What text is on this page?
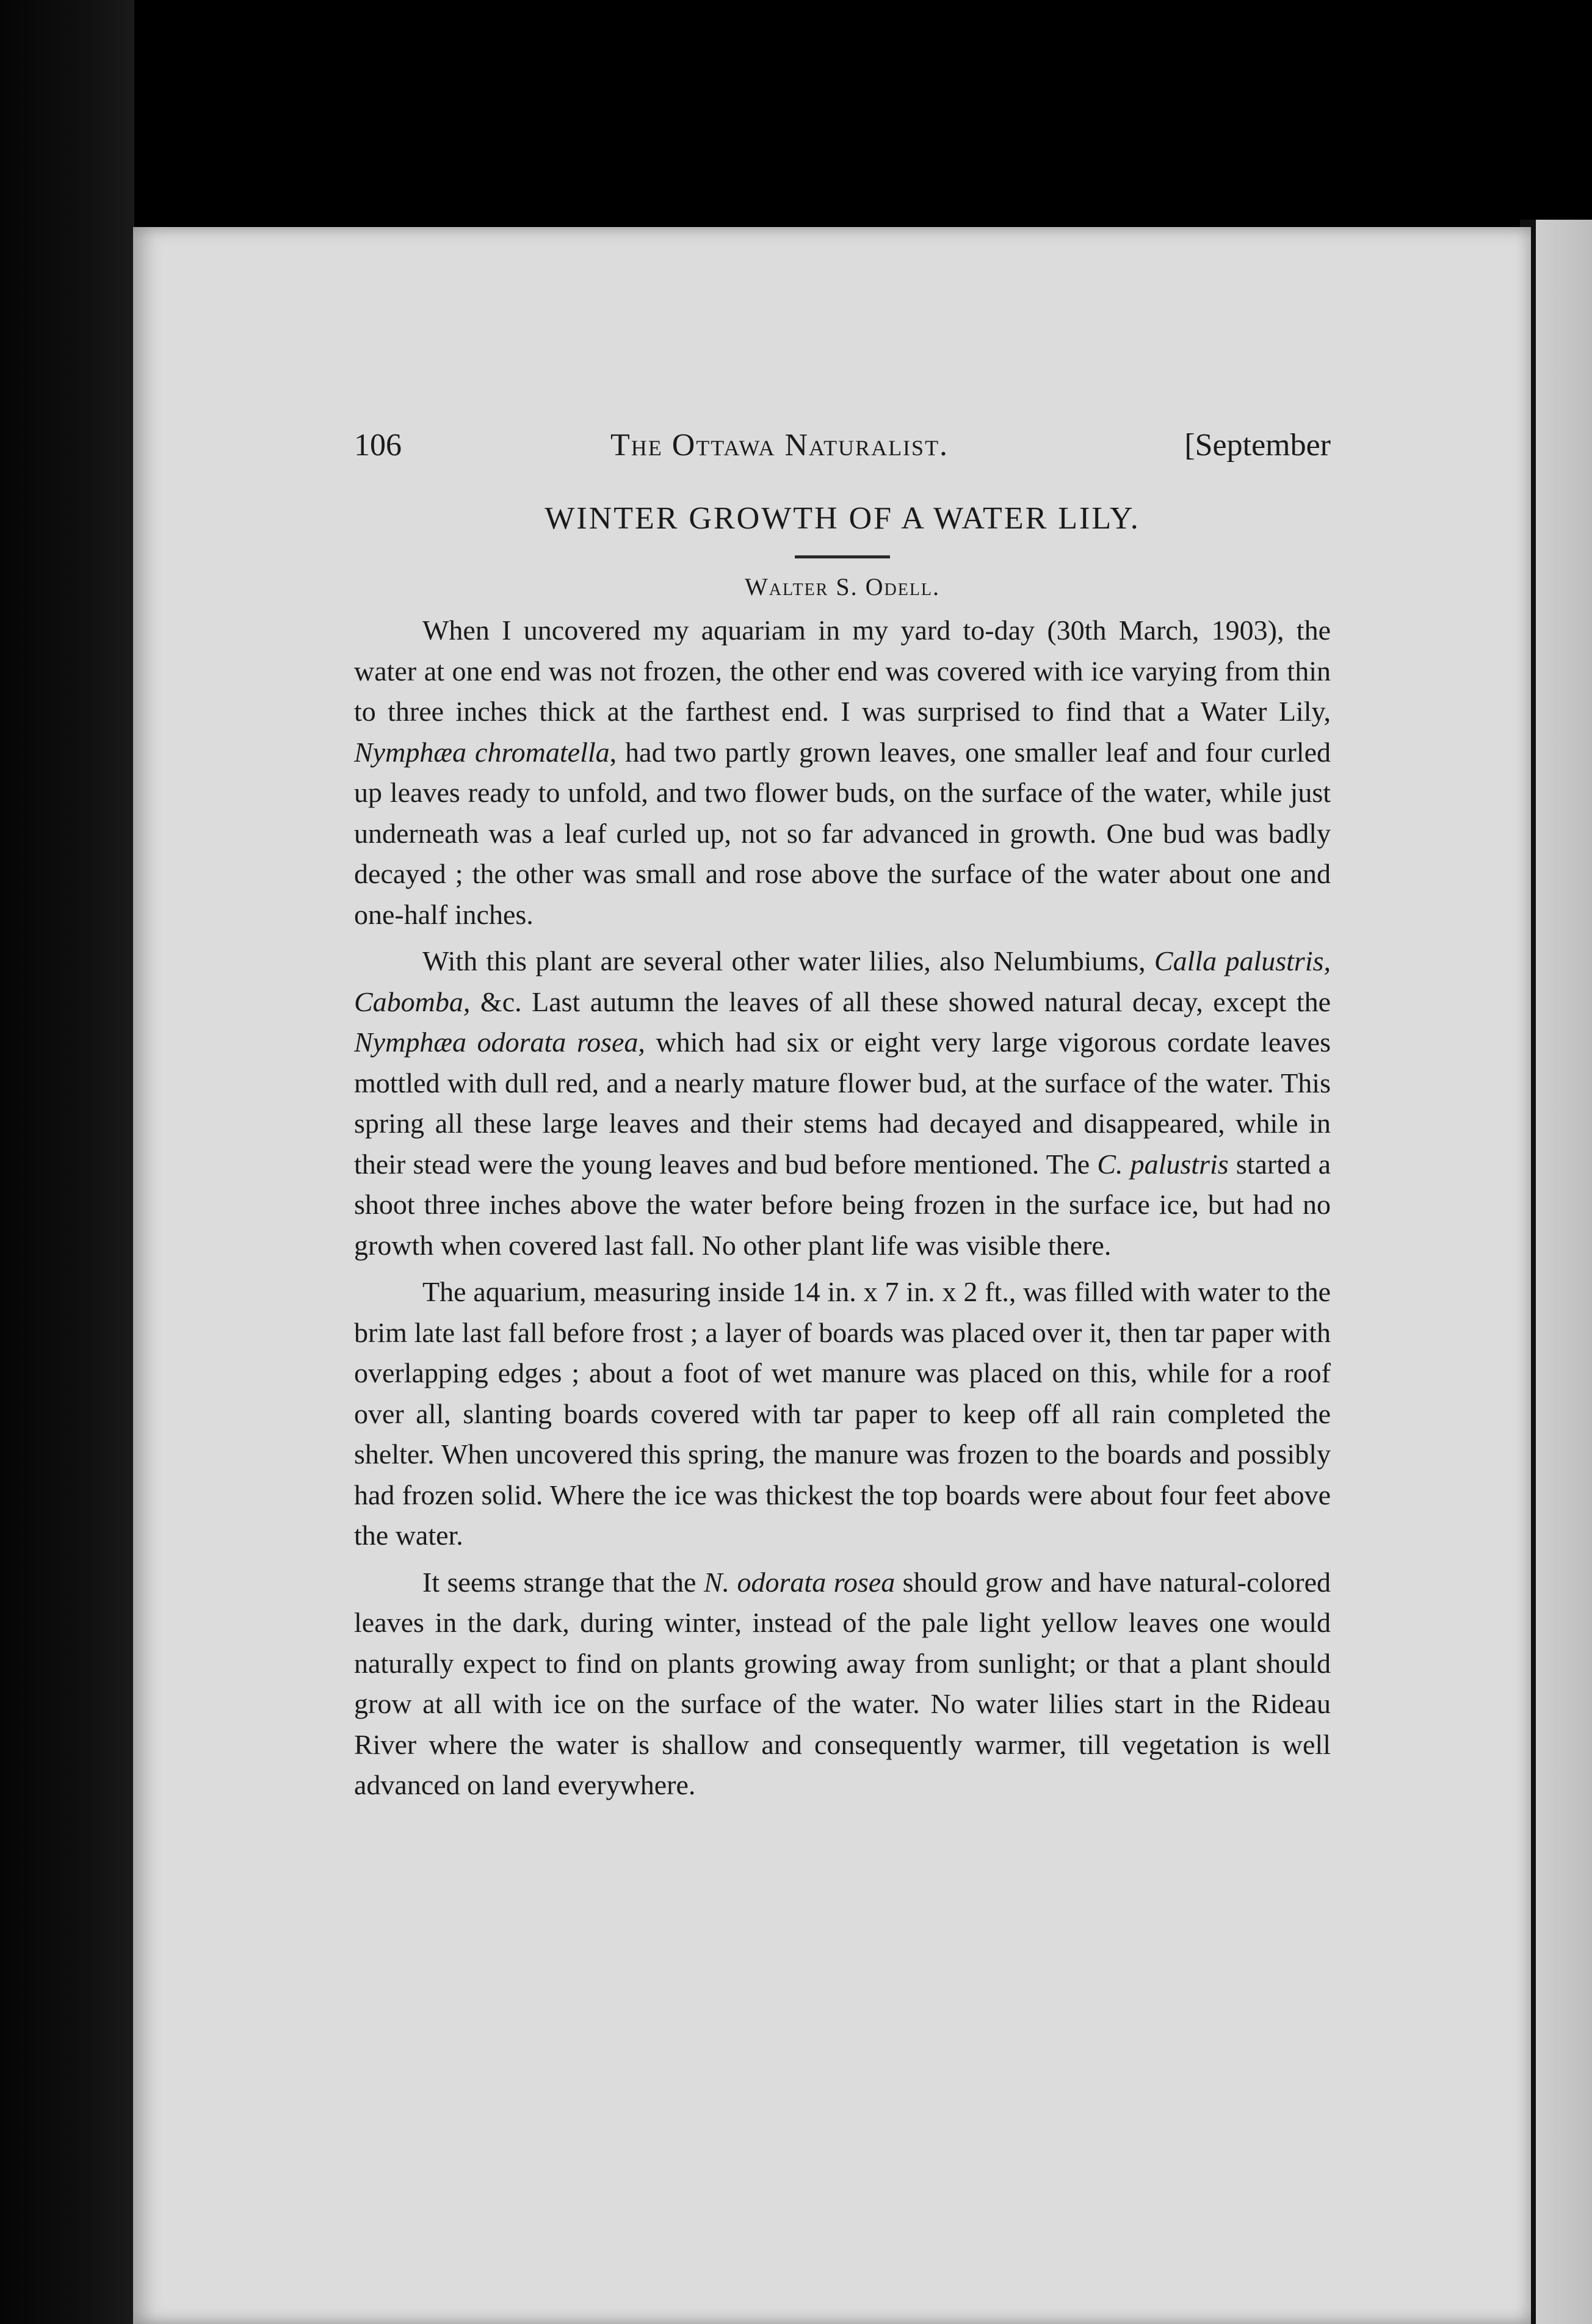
106	The Ottawa Naturalist.	[September
WINTER GROWTH OF A WATER LILY.
Walter S. Odell.

When I uncovered my aquariam in my yard to-day (30th March, 1903), the water at one end was not frozen, the other end was covered with ice varying from thin to three inches thick at the farthest end. I was surprised to find that a Water Lily, Nymphæa chromatella, had two partly grown leaves, one smaller leaf and four curled up leaves ready to unfold, and two flower buds, on the surface of the water, while just underneath was a leaf curled up, not so far advanced in growth. One bud was badly decayed ; the other was small and rose above the surface of the water about one and one-half inches.

With this plant are several other water lilies, also Nelumbiums, Calla palustris, Cabomba, &c. Last autumn the leaves of all these showed natural decay, except the Nymphæa odorata rosea, which had six or eight very large vigorous cordate leaves mottled with dull red, and a nearly mature flower bud, at the surface of the water. This spring all these large leaves and their stems had decayed and disappeared, while in their stead were the young leaves and bud before mentioned. The C. palustris started a shoot three inches above the water before being frozen in the surface ice, but had no growth when covered last fall. No other plant life was visible there.

The aquarium, measuring inside 14 in. x 7 in. x 2 ft., was filled with water to the brim late last fall before frost ; a layer of boards was placed over it, then tar paper with overlapping edges ; about a foot of wet manure was placed on this, while for a roof over all, slanting boards covered with tar paper to keep off all rain completed the shelter. When uncovered this spring, the manure was frozen to the boards and possibly had frozen solid. Where the ice was thickest the top boards were about four feet above the water.

It seems strange that the N. odorata rosea should grow and have natural-colored leaves in the dark, during winter, instead of the pale light yellow leaves one would naturally expect to find on plants growing away from sunlight; or that a plant should grow at all with ice on the surface of the water. No water lilies start in the Rideau River where the water is shallow and consequently warmer, till vegetation is well advanced on land everywhere.
